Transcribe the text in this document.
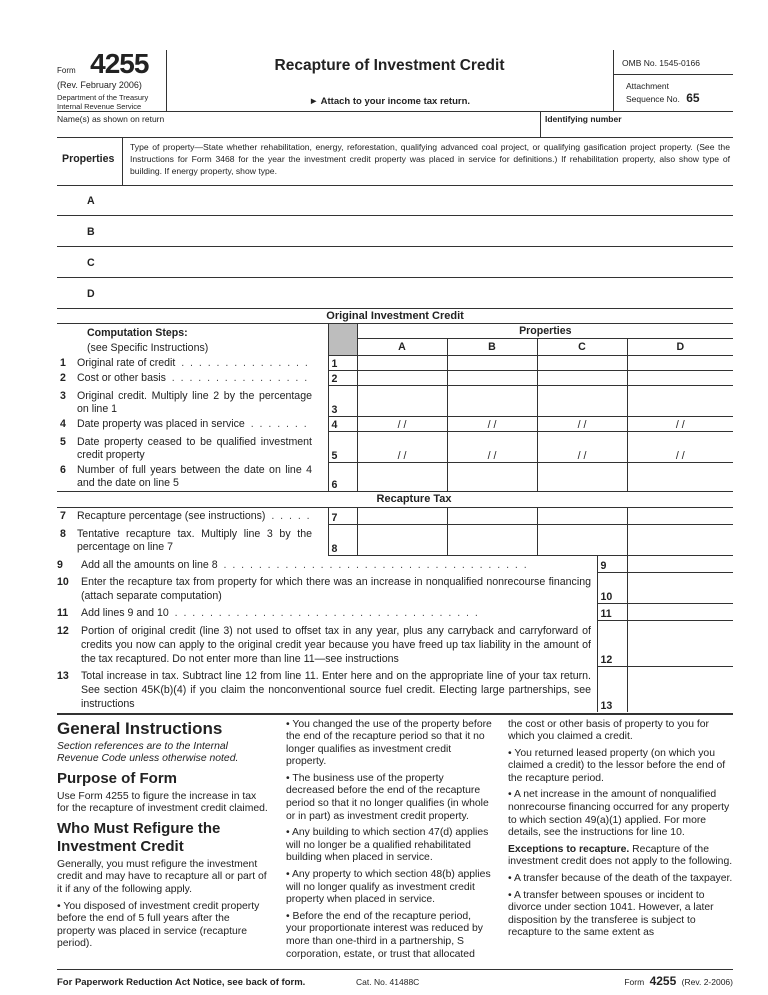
Form 4255
(Rev. February 2006)
Department of the Treasury
Internal Revenue Service
Recapture of Investment Credit
► Attach to your income tax return.
OMB No. 1545-0166
Attachment
Sequence No. 65
Name(s) as shown on return	Identifying number
Properties
Type of property—State whether rehabilitation, energy, reforestation, qualifying advanced coal project, or qualifying gasification project property. (See the Instructions for Form 3468 for the year the investment credit property was placed in service for definitions.) If rehabilitation property, also show type of building. If energy property, show type.
A
B
C
D
Original Investment Credit					

Computation Steps:
(see Specific Instructions)		Properties			
		A	B	C	D
1 Original rate of credit . .	1				
2 Cost or other basis . .	2				
3 Original credit. Multiply line 2 by the percentage on line 1	3				
4 Date property was placed in service . .	4	/ /	/ /	/ /	/ /
5 Date property ceased to be qualified investment credit property	5	/ /	/ /	/ /	/ /
6 Number of full years between the date on line 4 and the date on line 5	6				
Recapture Tax					
7 Recapture percentage (see instructions) . .	7				
8 Tentative recapture tax. Multiply line 3 by the percentage on line 7	8				
9 Add all the amounts on line 8 . .	9	
10 Enter the recapture tax from property for which there was an increase in nonqualified nonrecourse financing (attach separate computation)	10	
11 Add lines 9 and 10 . .	11	
12 Portion of original credit (line 3) not used to offset tax in any year, plus any carryback and carryforward of credits you now can apply to the original credit year because you have freed up tax liability in the amount of the tax recaptured. Do not enter more than line 11—see instructions	12	
13 Total increase in tax. Subtract line 12 from line 11. Enter here and on the appropriate line of your tax return. See section 45K(b)(4) if you claim the nonconventional source fuel credit. Electing large partnerships, see instructions	13	
General Instructions

Section references are to the Internal Revenue Code unless otherwise noted.

Purpose of Form

Use Form 4255 to figure the increase in tax for the recapture of investment credit claimed.

Who Must Refigure the Investment Credit

Generally, you must refigure the investment credit and may have to recapture all or part of it if any of the following apply.

• You disposed of investment credit property before the end of 5 full years after the property was placed in service (recapture period).

• You changed the use of the property before the end of the recapture period so that it no longer qualifies as investment credit property.

• The business use of the property decreased before the end of the recapture period so that it no longer qualifies (in whole or in part) as investment credit property.

• Any building to which section 47(d) applies will no longer be a qualified rehabilitated building when placed in service.

• Any property to which section 48(b) applies will no longer qualify as investment credit property when placed in service.

• Before the end of the recapture period, your proportionate interest was reduced by more than one-third in a partnership, S corporation, estate, or trust that allocated

the cost or other basis of property to you for which you claimed a credit.

• You returned leased property (on which you claimed a credit) to the lessor before the end of the recapture period.

• A net increase in the amount of nonqualified nonrecourse financing occurred for any property to which section 49(a)(1) applied. For more details, see the instructions for line 10.

Exceptions to recapture. Recapture of the investment credit does not apply to the following.

• A transfer because of the death of the taxpayer.

• A transfer between spouses or incident to divorce under section 1041. However, a later disposition by the transferee is subject to recapture to the same extent as

For Paperwork Reduction Act Notice, see back of form.	Cat. No. 41488C	Form 4255 (Rev. 2-2006)
